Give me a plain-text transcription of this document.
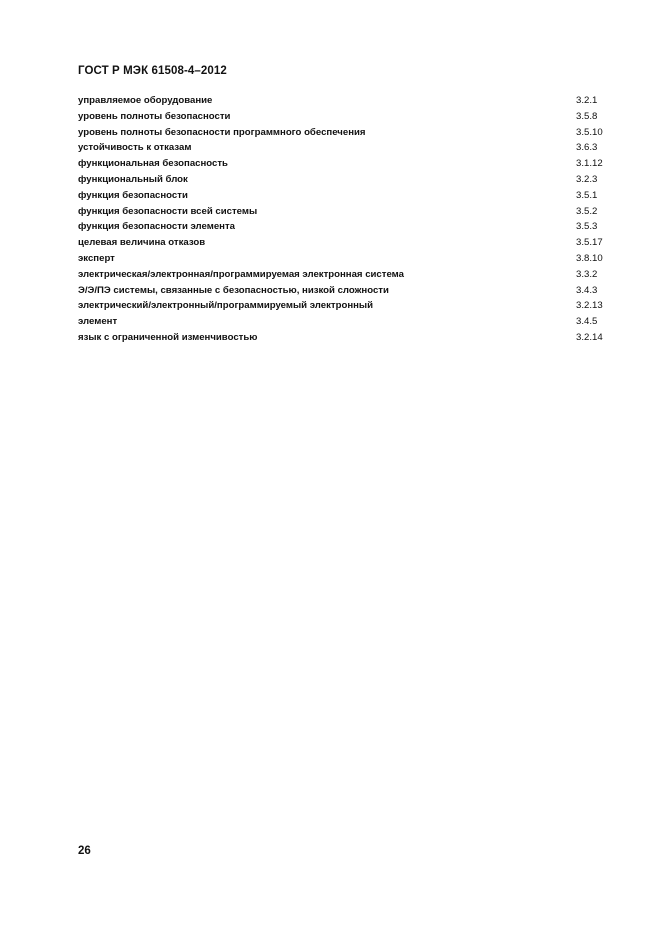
ГОСТ Р МЭК 61508-4–2012
управляемое оборудование	3.2.1
уровень полноты безопасности	3.5.8
уровень полноты безопасности программного обеспечения	3.5.10
устойчивость к отказам	3.6.3
функциональная безопасность	3.1.12
функциональный блок	3.2.3
функция безопасности	3.5.1
функция безопасности всей системы	3.5.2
функция безопасности элемента	3.5.3
целевая величина отказов	3.5.17
эксперт	3.8.10
электрическая/электронная/программируемая электронная система	3.3.2
Э/Э/ПЭ системы, связанные с безопасностью, низкой сложности	3.4.3
электрический/электронный/программируемый электронный	3.2.13
элемент	3.4.5
язык с ограниченной изменчивостью	3.2.14
26
